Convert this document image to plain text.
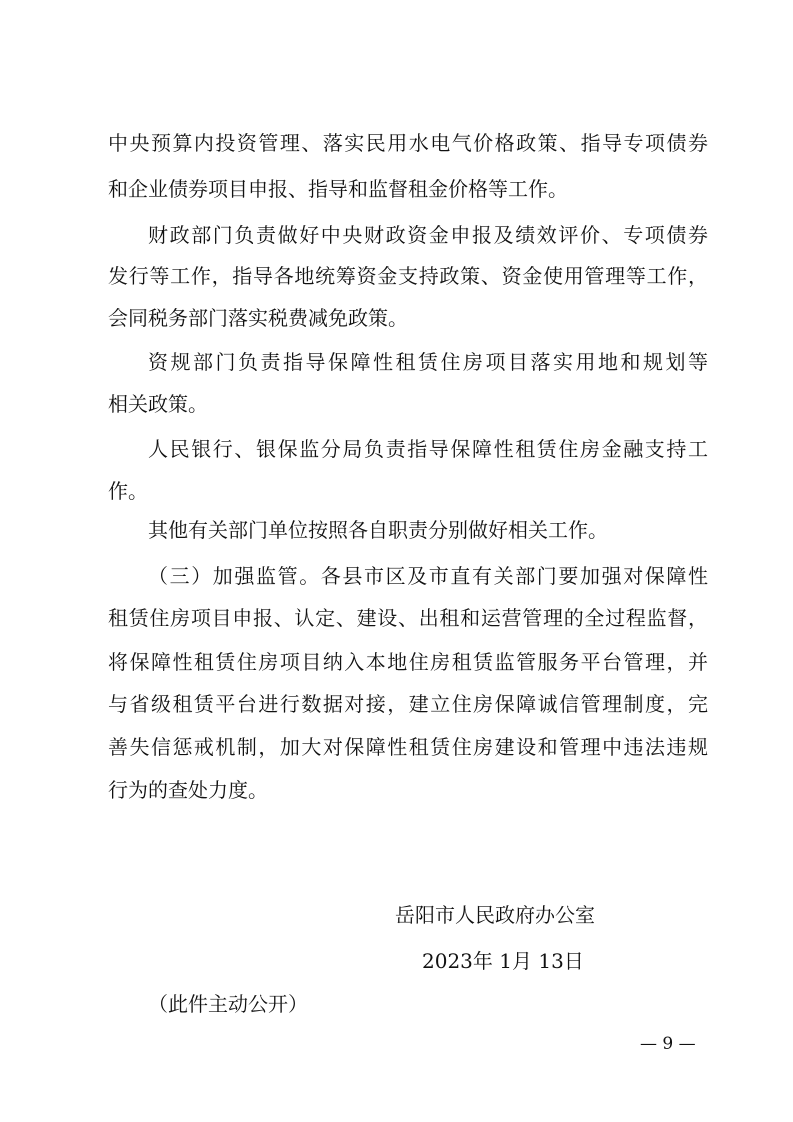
中央预算内投资管理、落实民用水电气价格政策、指导专项债券
和企业债券项目申报、指导和监督租金价格等工作。
财政部门负责做好中央财政资金申报及绩效评价、专项债券
发行等工作，指导各地统筹资金支持政策、资金使用管理等工作，
会同税务部门落实税费减免政策。
资规部门负责指导保障性租赁住房项目落实用地和规划等
相关政策。
人民银行、银保监分局负责指导保障性租赁住房金融支持工
作。
其他有关部门单位按照各自职责分别做好相关工作。
（三）加强监管。各县市区及市直有关部门要加强对保障性
租赁住房项目申报、认定、建设、出租和运营管理的全过程监督，
将保障性租赁住房项目纳入本地住房租赁监管服务平台管理，并
与省级租赁平台进行数据对接，建立住房保障诚信管理制度，完
善失信惩戒机制，加大对保障性租赁住房建设和管理中违法违规
行为的查处力度。
岳阳市人民政府办公室
2023年 1月 13日
（此件主动公开）
— 9 —
